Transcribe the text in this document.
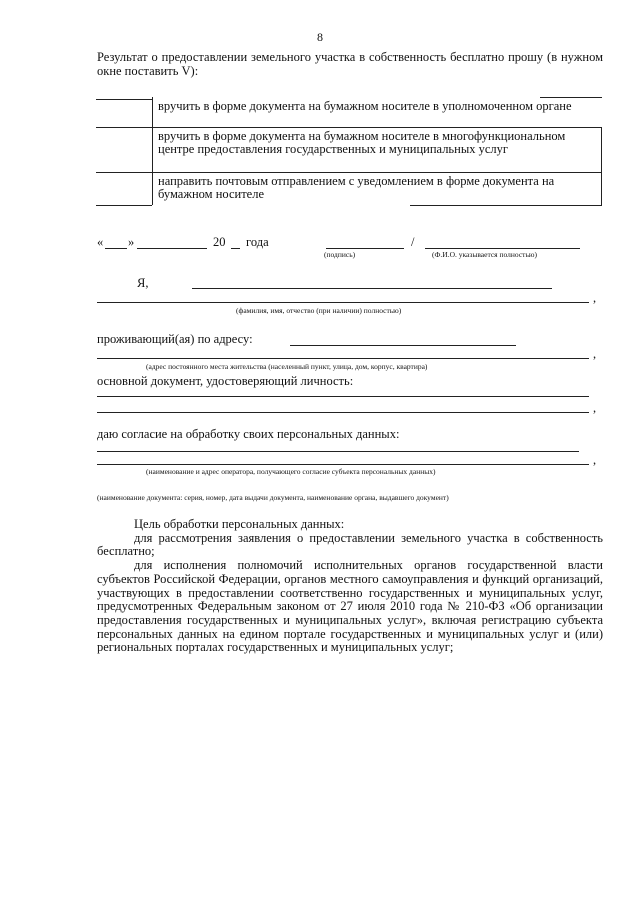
8
Результат о предоставлении земельного участка в собственность бесплатно прошу (в нужном окне поставить V):
вручить в форме документа на бумажном носителе в уполномоченном органе
вручить в форме документа на бумажном носителе в многофункциональном центре предоставления государственных и муниципальных услуг
направить почтовым отправлением с уведомлением в форме документа на бумажном носителе
« »	20 года	/
(подпись)	(Ф.И.О. указывается полностью)
Я,
,
(фамилия, имя, отчество (при наличии) полностью)
проживающий(ая) по адресу:
,
(адрес постоянного места жительства (населенный пункт, улица, дом, корпус, квартира)
основной документ, удостоверяющий личность:
,
даю согласие на обработку своих персональных данных:
,
(наименование и адрес оператора, получающего согласие субъекта персональных данных)
(наименование документа: серия, номер, дата выдачи документа, наименование органа, выдавшего документ)

Цель обработки персональных данных:

для рассмотрения заявления о предоставлении земельного участка в собственность бесплатно;

для исполнения полномочий исполнительных органов государственной власти субъектов Российской Федерации, органов местного самоуправления и функций организаций, участвующих в предоставлении соответственно государственных и муниципальных услуг, предусмотренных Федеральным законом от 27 июля 2010 года № 210-ФЗ «Об организации предоставления государственных и муниципальных услуг», включая регистрацию субъекта персональных данных на едином портале государственных и муниципальных услуг и (или) региональных порталах государственных и муниципальных услуг;
